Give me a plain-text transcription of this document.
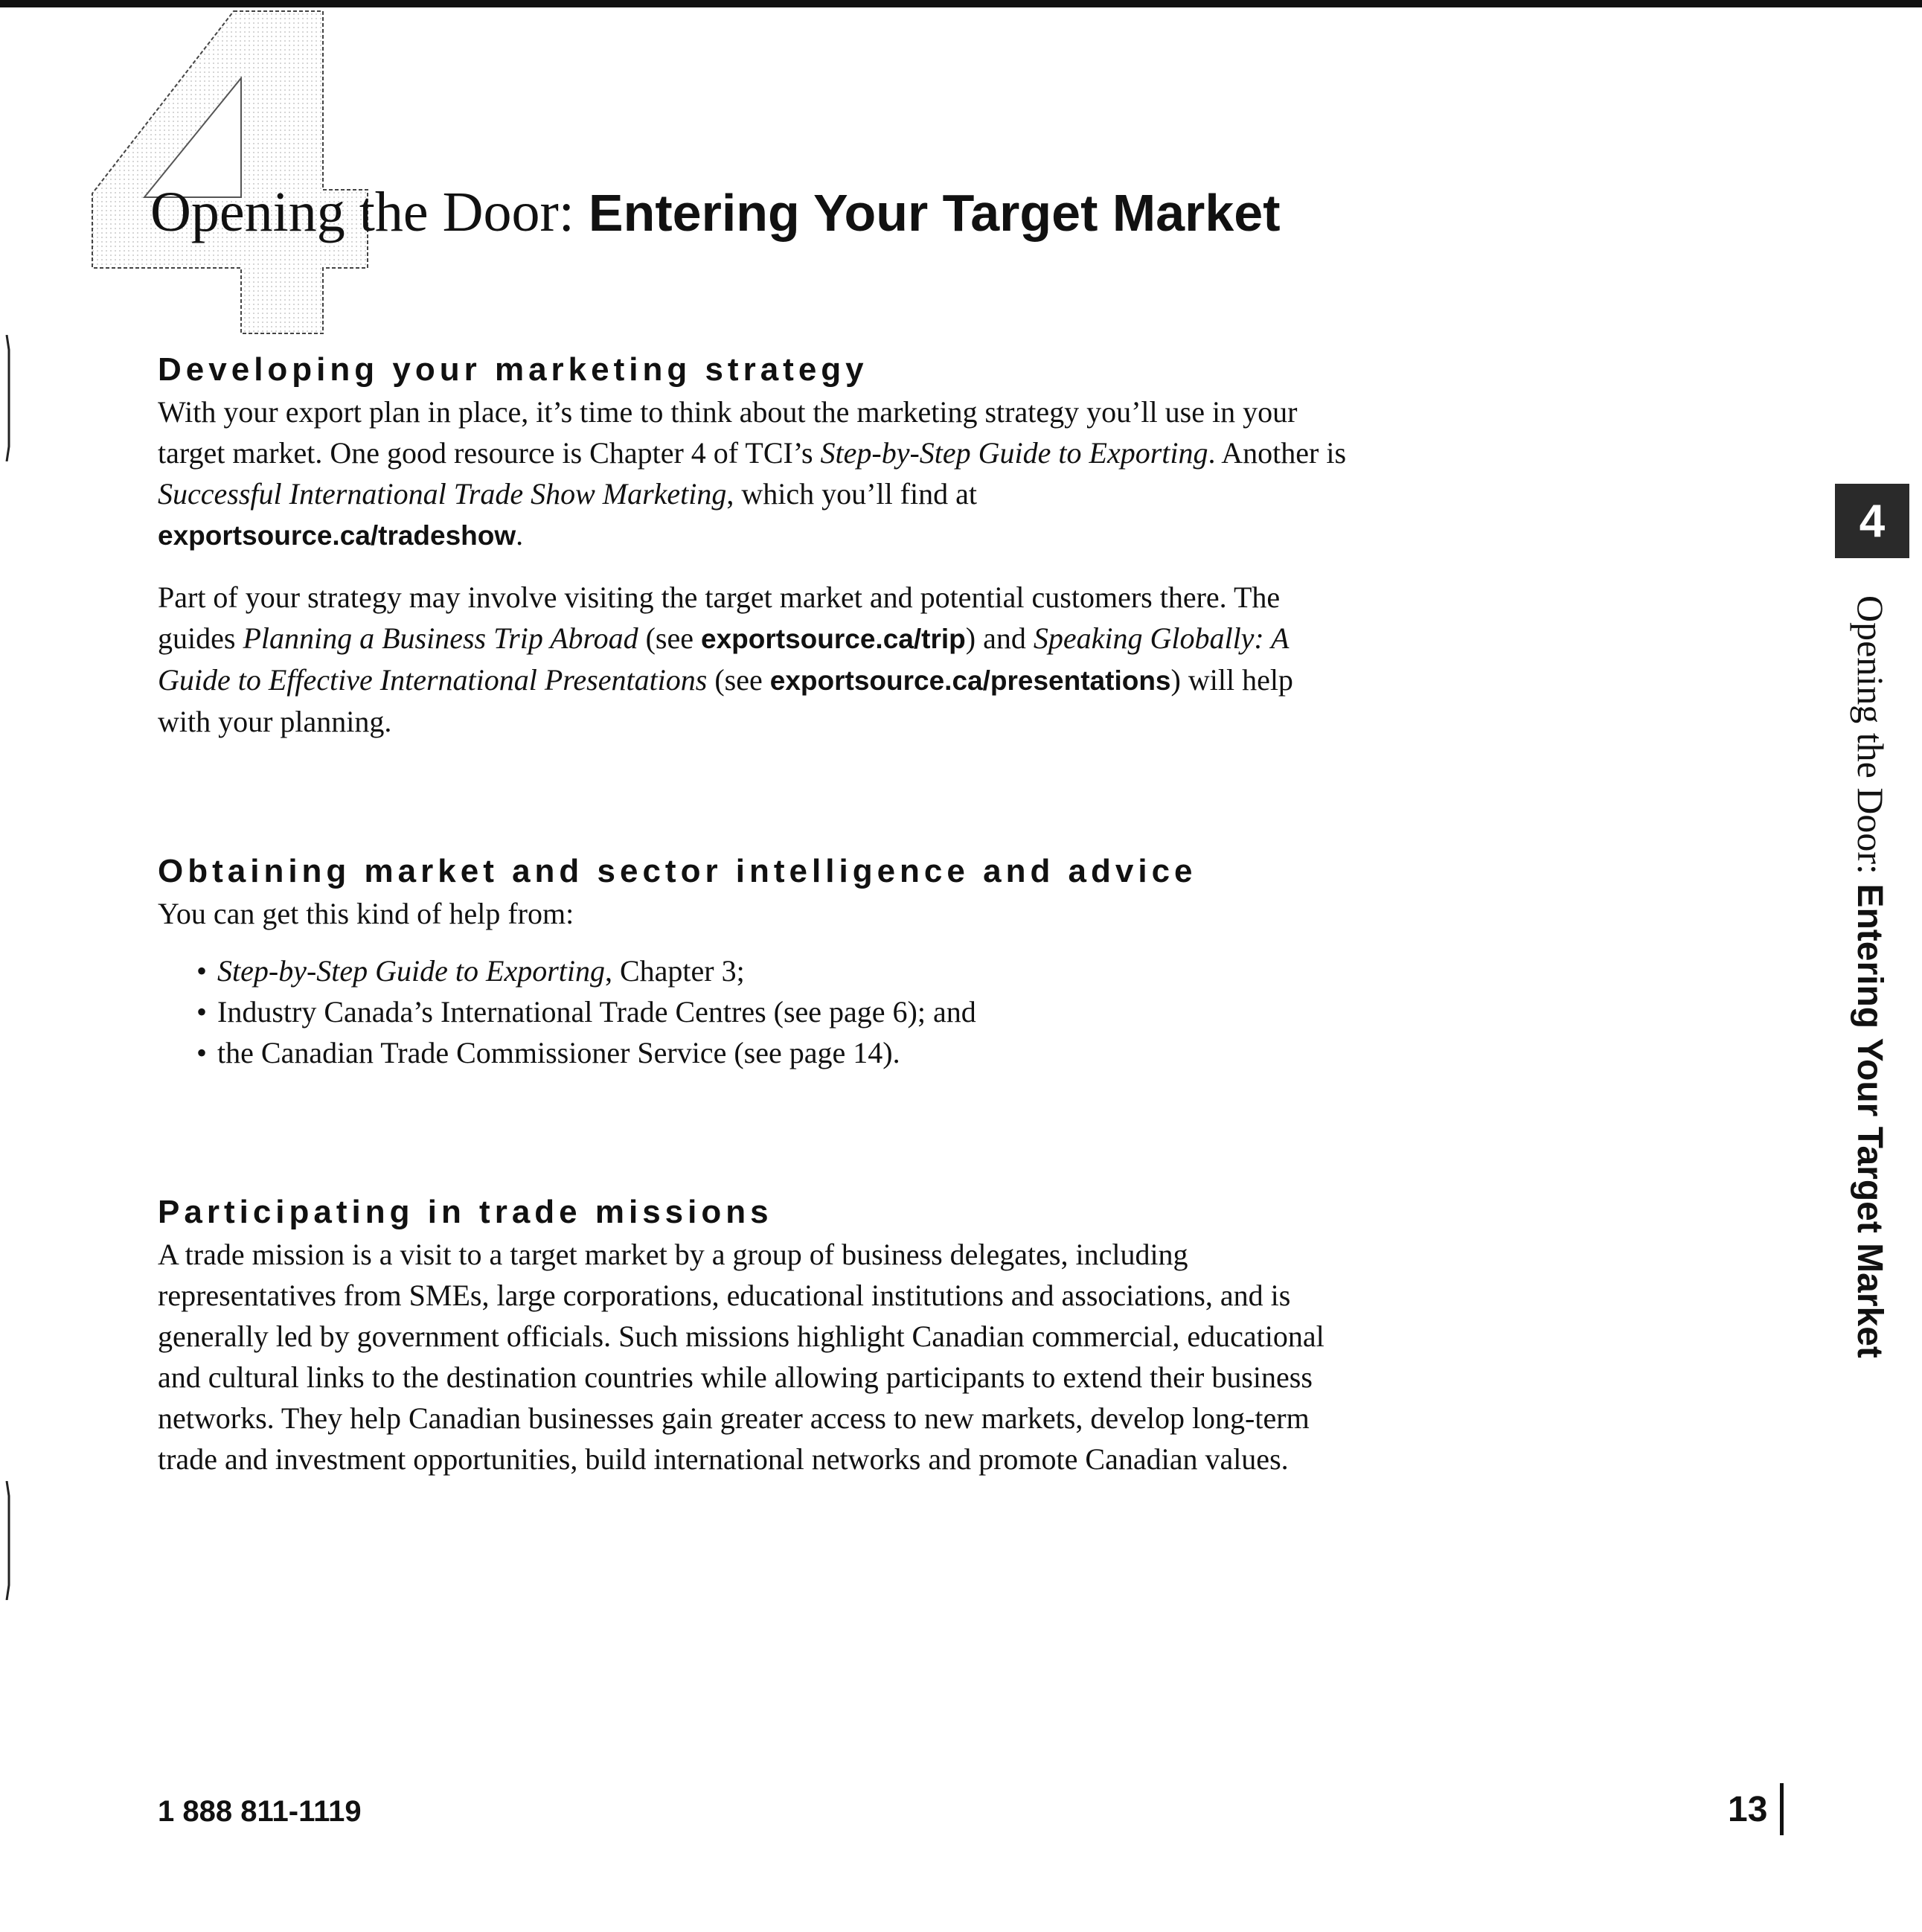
Opening the Door: Entering Your Target Market
Developing your marketing strategy

With your export plan in place, it’s time to think about the marketing strategy you’ll use in your target market. One good resource is Chapter 4 of TCI’s Step-by-Step Guide to Exporting. Another is Successful International Trade Show Marketing, which you’ll find at exportsource.ca/tradeshow.

Part of your strategy may involve visiting the target market and potential customers there. The guides Planning a Business Trip Abroad (see exportsource.ca/trip) and Speaking Globally: A Guide to Effective International Presentations (see exportsource.ca/presentations) will help with your planning.

Obtaining market and sector intelligence and advice

You can get this kind of help from:

• Step-by-Step Guide to Exporting, Chapter 3;
• Industry Canada’s International Trade Centres (see page 6); and
• the Canadian Trade Commissioner Service (see page 14).
Participating in trade missions

A trade mission is a visit to a target market by a group of business delegates, including representatives from SMEs, large corporations, educational institutions and associations, and is generally led by government officials. Such missions highlight Canadian commercial, educational and cultural links to the destination countries while allowing participants to extend their business networks. They help Canadian businesses gain greater access to new markets, develop long-term trade and investment opportunities, build international networks and promote Canadian values.

4
Opening the Door: Entering Your Target Market
1 888 811-1119	13
